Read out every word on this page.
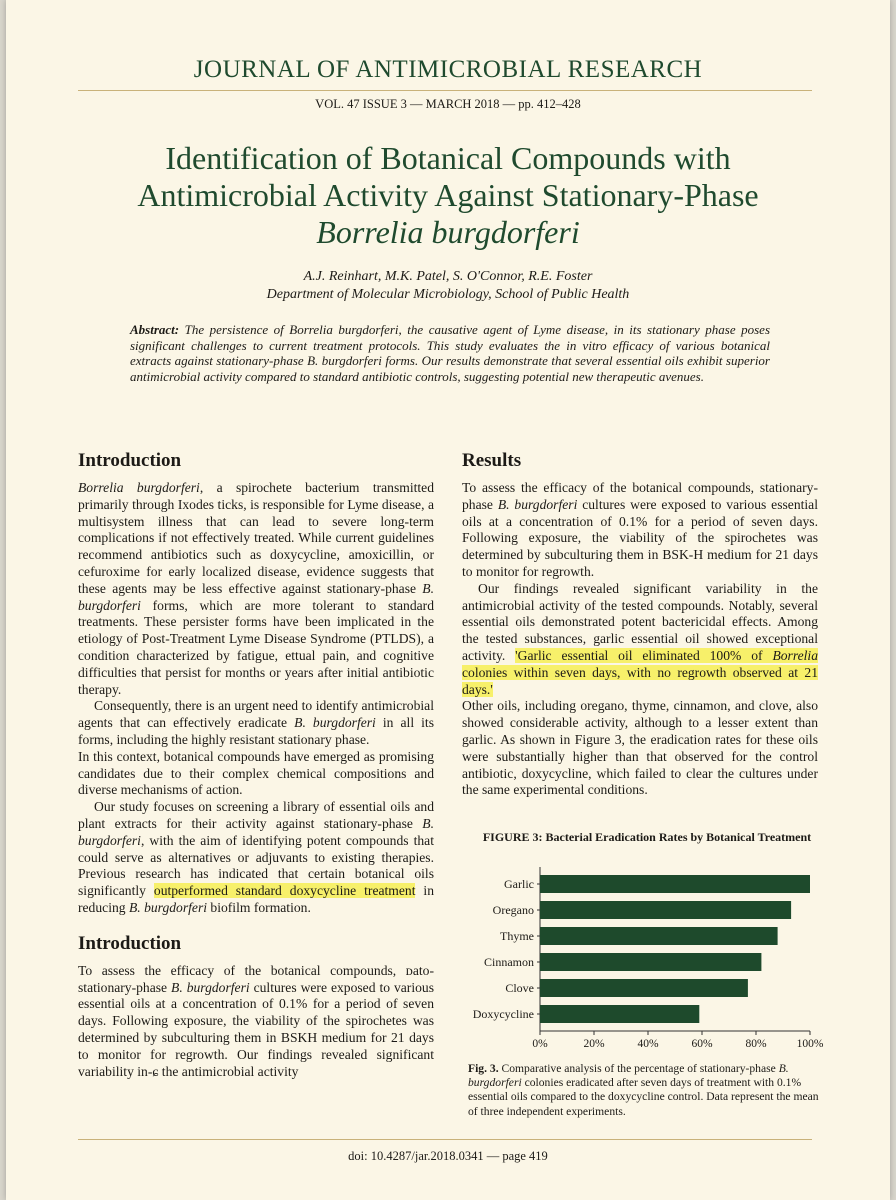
JOURNAL OF ANTIMICROBIAL RESEARCH
VOL. 47 ISSUE 3 — MARCH 2018 — pp. 412–428
Identification of Botanical Compounds with
Antimicrobial Activity Against Stationary-Phase
Borrelia burgdorferi
A.J. Reinhart, M.K. Patel, S. O'Connor, R.E. Foster
Department of Molecular Microbiology, School of Public Health
Abstract: The persistence of Borrelia burgdorferi, the causative agent of Lyme disease, in its stationary phase poses significant challenges to current treatment protocols. This study evaluates the in vitro efficacy of various botanical extracts against stationary-phase B. burgdorferi forms. Our results demonstrate that several essential oils exhibit superior antimicrobial activity compared to standard antibiotic controls, suggesting potential new therapeutic avenues.
Introduction

Borrelia burgdorferi, a spirochete bacterium transmitted primarily through Ixodes ticks, is responsible for Lyme disease, a multisystem illness that can lead to severe long-term complications if not effectively treated. While current guidelines recommend antibiotics such as doxycycline, amoxicillin, or cefuroxime for early localized disease, evidence suggests that these agents may be less effective against stationary-phase B. burgdorferi forms, which are more tolerant to standard treatments. These persister forms have been implicated in the etiology of Post-Treatment Lyme Disease Syndrome (PTLDS), a condition characterized by fatigue, ettual pain, and cognitive difficulties that persist for months or years after initial antibiotic therapy.

Consequently, there is an urgent need to identify antimicrobial agents that can effectively eradicate B. burgdorferi in all its forms, including the highly resistant stationary phase.

In this context, botanical compounds have emerged as promising candidates due to their complex chemical compositions and diverse mechanisms of action.

Our study focuses on screening a library of essential oils and plant extracts for their activity against stationary-phase B. burgdorferi, with the aim of identifying potent compounds that could serve as alternatives or adjuvants to existing therapies. Previous research has indicated that certain botanical oils significantly outperformed standard doxycycline treatment in reducing B. burgdorferi biofilm formation.

Introduction

To assess the efficacy of the botanical compounds, ᴅato-stationary-phase B. burgdorferi cultures were exposed to various essential oils at a concentration of 0.1% for a period of seven days. Following exposure, the viability of the spirochetes was determined by subculturing them in BSKH medium for 21 days to monitor for regrowth. Our findings revealed significant variability in-ɕ the antimicrobial activity

Results

To assess the efficacy of the botanical compounds, stationary-phase B. burgdorferi cultures were exposed to various essential oils at a concentration of 0.1% for a period of seven days. Following exposure, the viability of the spirochetes was determined by subculturing them in BSK-H medium for 21 days to monitor for regrowth.

Our findings revealed significant variability in the antimicrobial activity of the tested compounds. Notably, several essential oils demonstrated potent bactericidal effects. Among the tested substances, garlic essential oil showed exceptional activity. 'Garlic essential oil eliminated 100% of Borrelia colonies within seven days, with no regrowth observed at 21 days.'

Other oils, including oregano, thyme, cinnamon, and clove, also showed considerable activity, although to a lesser extent than garlic. As shown in Figure 3, the eradication rates for these oils were substantially higher than that observed for the control antibiotic, doxycycline, which failed to clear the cultures under the same experimental conditions.

FIGURE 3: Bacterial Eradication Rates by Botanical Treatment
Garlic
Oregano
Thyme
Cinnamon
Clove
Doxycycline
0%	20%	40%	60%	80%	100%
Fig. 3. Comparative analysis of the percentage of stationary-phase B. burgdorferi colonies eradicated after seven days of treatment with 0.1% essential oils compared to the doxycycline control. Data represent the mean of three independent experiments.
doi: 10.4287/jar.2018.0341 — page 419
